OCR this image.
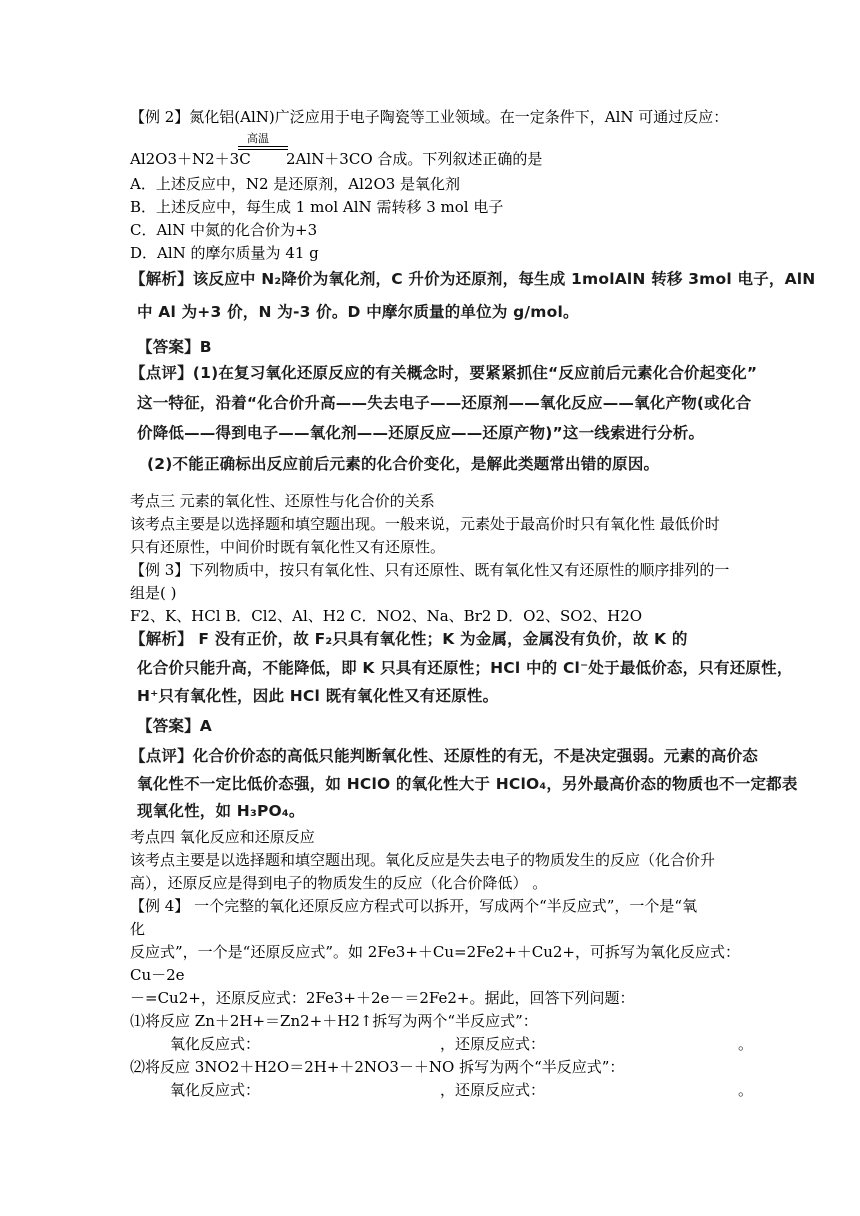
【例 2】氮化铝(AlN)广泛应用于电子陶瓷等工业领域。在一定条件下，AlN 可通过反应：
高温
Al2O3＋N2＋3C 2AlN＋3CO 合成。下列叙述正确的是
A．上述反应中，N2 是还原剂，Al2O3 是氧化剂
B．上述反应中，每生成 1 mol AlN 需转移 3 mol 电子
C．AlN 中氮的化合价为+3
D．AlN 的摩尔质量为 41 g
【解析】该反应中 N₂降价为氧化剂，C 升价为还原剂，每生成 1molAlN 转移 3mol 电子，AlN
中 Al 为+3 价，N 为-3 价。D 中摩尔质量的单位为 g/mol。
【答案】B
【点评】(1)在复习氧化还原反应的有关概念时，要紧紧抓住“反应前后元素化合价起变化”
这一特征，沿着“化合价升高——失去电子——还原剂——氧化反应——氧化产物(或化合
价降低——得到电子——氧化剂——还原反应——还原产物)”这一线索进行分析。
(2)不能正确标出反应前后元素的化合价变化，是解此类题常出错的原因。
考点三 元素的氧化性、还原性与化合价的关系
该考点主要是以选择题和填空题出现。一般来说，元素处于最高价时只有氧化性 最低价时
只有还原性，中间价时既有氧化性又有还原性。
【例 3】下列物质中，按只有氧化性、只有还原性、既有氧化性又有还原性的顺序排列的一
组是( )
F2、K、HCl B．Cl2、Al、H2 C．NO2、Na、Br2 D．O2、SO2、H2O
【解析】 F 没有正价，故 F₂只具有氧化性；K 为金属，金属没有负价，故 K 的
化合价只能升高，不能降低，即 K 只具有还原性；HCl 中的 Cl⁻处于最低价态，只有还原性，
H⁺只有氧化性，因此 HCl 既有氧化性又有还原性。
【答案】A
【点评】化合价价态的高低只能判断氧化性、还原性的有无，不是决定强弱。元素的高价态
氧化性不一定比低价态强，如 HClO 的氧化性大于 HClO₄，另外最高价态的物质也不一定都表
现氧化性，如 H₃PO₄。
考点四 氧化反应和还原反应
该考点主要是以选择题和填空题出现。氧化反应是失去电子的物质发生的反应（化合价升
高），还原反应是得到电子的物质发生的反应（化合价降低） 。
【例 4】 一个完整的氧化还原反应方程式可以拆开，写成两个“半反应式”，一个是“氧
化
反应式”，一个是“还原反应式”。如 2Fe3+＋Cu=2Fe2+＋Cu2+，可拆写为氧化反应式：
Cu－2e
－=Cu2+，还原反应式：2Fe3+＋2e－＝2Fe2+。据此，回答下列问题：
⑴将反应 Zn＋2H+＝Zn2+＋H2↑拆写为两个“半反应式”：
氧化反应式：	，还原反应式：	。
⑵将反应 3NO2＋H2O＝2H+＋2NO3－＋NO 拆写为两个“半反应式”：
氧化反应式：	，还原反应式：	。
